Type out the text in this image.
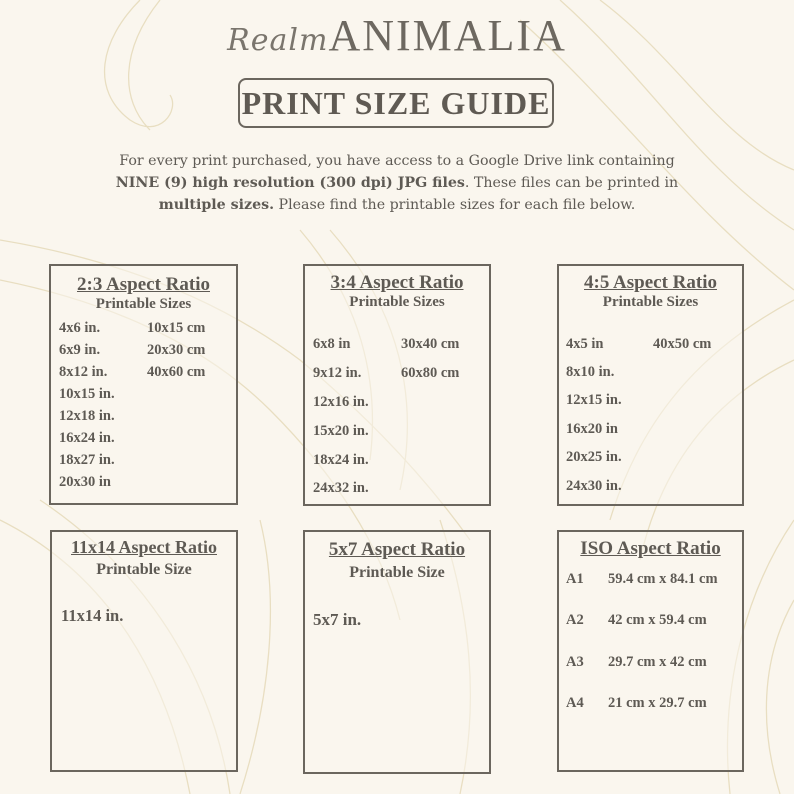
RealmANIMALIA
PRINT SIZE GUIDE
For every print purchased, you have access to a Google Drive link containing NINE (9) high resolution (300 dpi) JPG files. These files can be printed in multiple sizes. Please find the printable sizes for each file below.
2:3 Aspect Ratio
Printable Sizes
4x6 in.
6x9 in.
8x12 in.
10x15 in.
12x18 in.
16x24 in.
18x27 in.
20x30 in
10x15 cm
20x30 cm
40x60 cm
3:4 Aspect Ratio
Printable Sizes
6x8 in
9x12 in.
12x16 in.
15x20 in.
18x24 in.
24x32 in.
30x40 cm
60x80 cm
4:5 Aspect Ratio
Printable Sizes
4x5 in
8x10 in.
12x15 in.
16x20 in
20x25 in.
24x30 in.
40x50 cm
11x14 Aspect Ratio
Printable Size
11x14 in.
5x7 Aspect Ratio
Printable Size
5x7 in.
ISO Aspect Ratio
A1 59.4 cm x 84.1 cm
A2 42 cm x 59.4 cm
A3 29.7 cm x 42 cm
A4 21 cm x 29.7 cm
